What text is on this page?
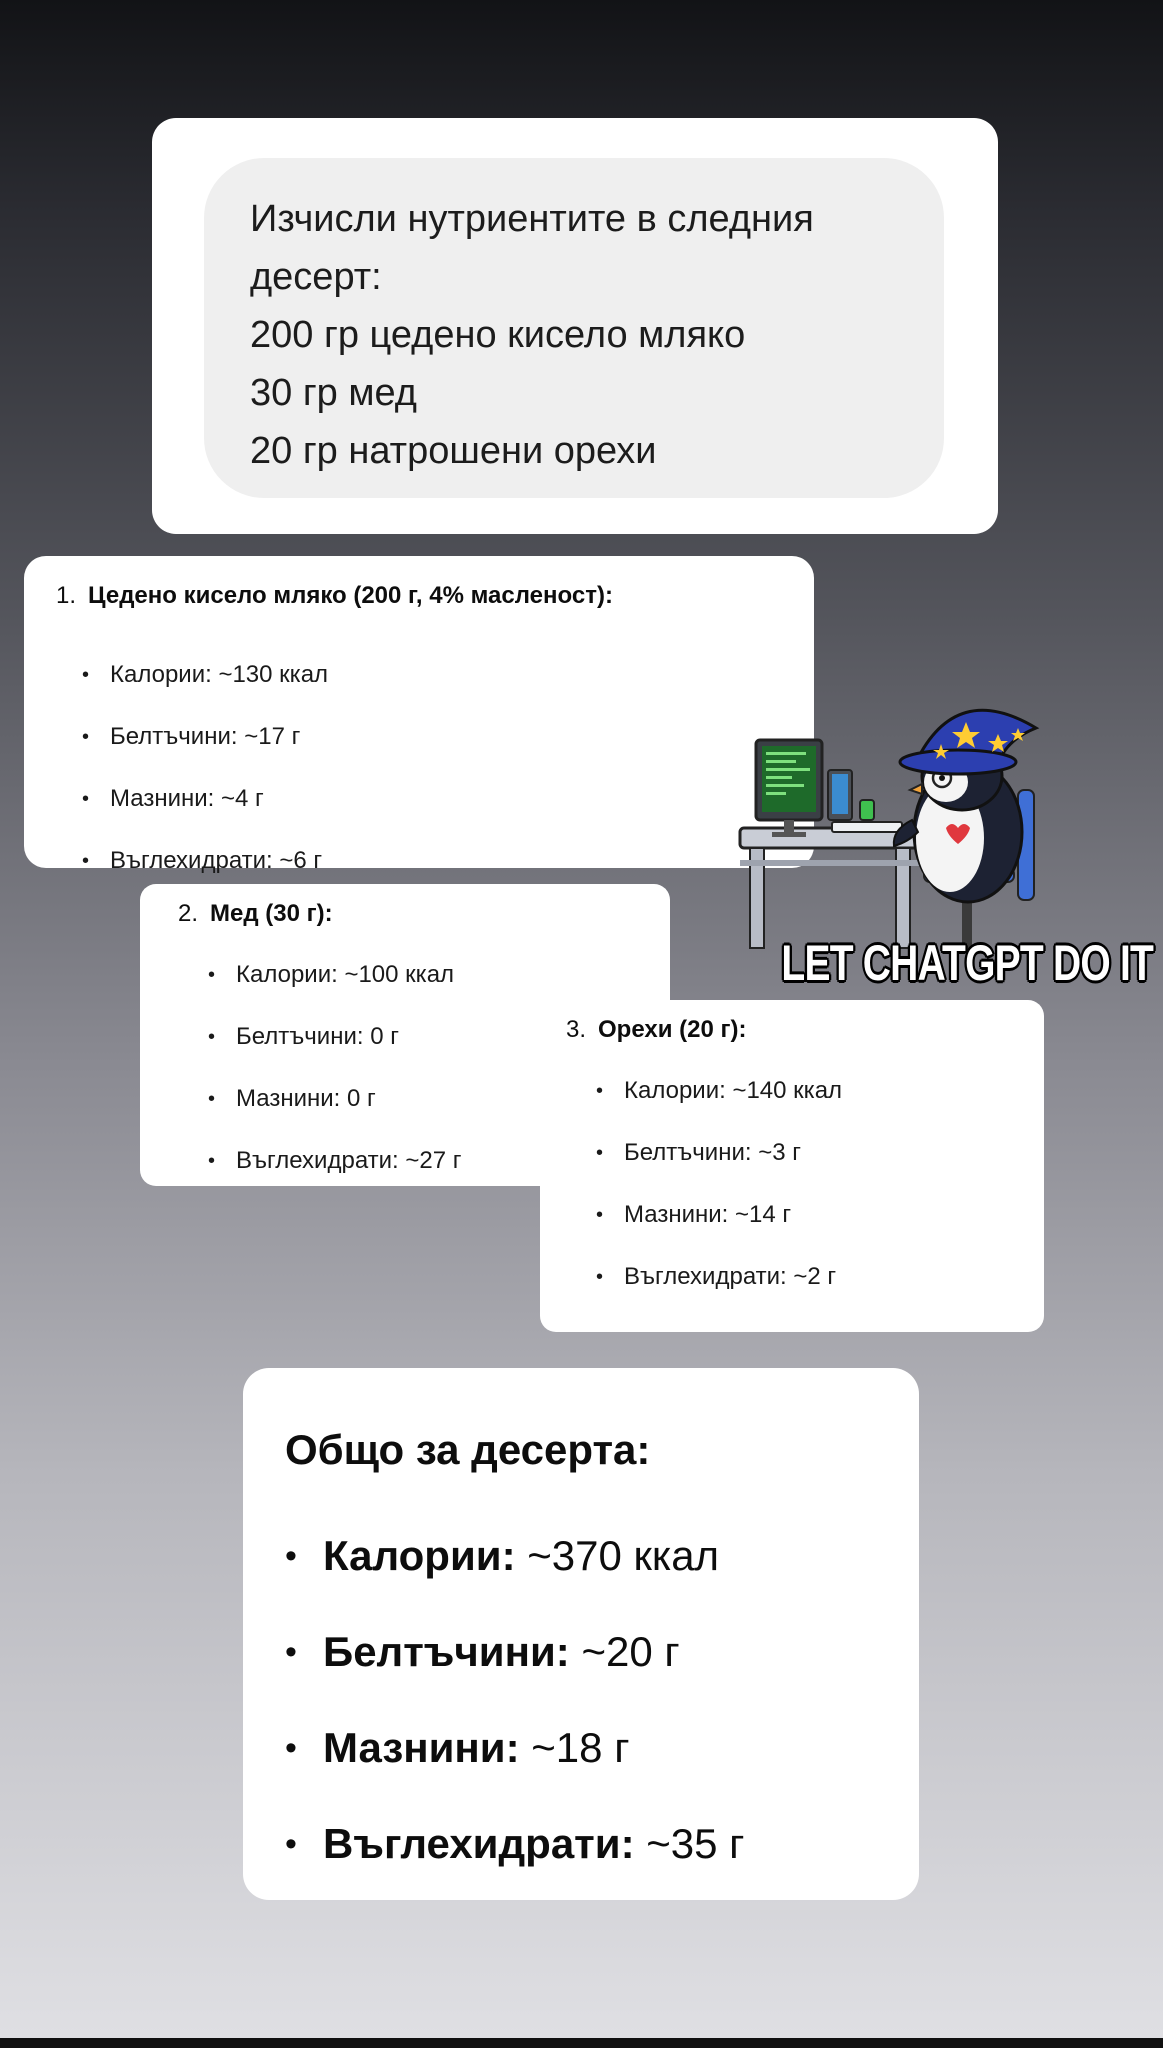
Изчисли нутриентите в следния
десерт:
200 гр цедено кисело мляко
30 гр мед
20 гр натрошени орехи
1. Цедено кисело мляко (200 г, 4% масленост):
• Калории: ~130 ккал
• Белтъчини: ~17 г
• Мазнини: ~4 г
• Въглехидрати: ~6 г
2. Мед (30 г):
• Калории: ~100 ккал
• Белтъчини: 0 г
• Мазнини: 0 г
• Въглехидрати: ~27 г
3. Орехи (20 г):
• Калории: ~140 ккал
• Белтъчини: ~3 г
• Мазнини: ~14 г
• Въглехидрати: ~2 г
Общо за десерта:
• Калории: ~370 ккал
• Белтъчини: ~20 г
• Мазнини: ~18 г
• Въглехидрати: ~35 г
LET CHATGPT DO IT
